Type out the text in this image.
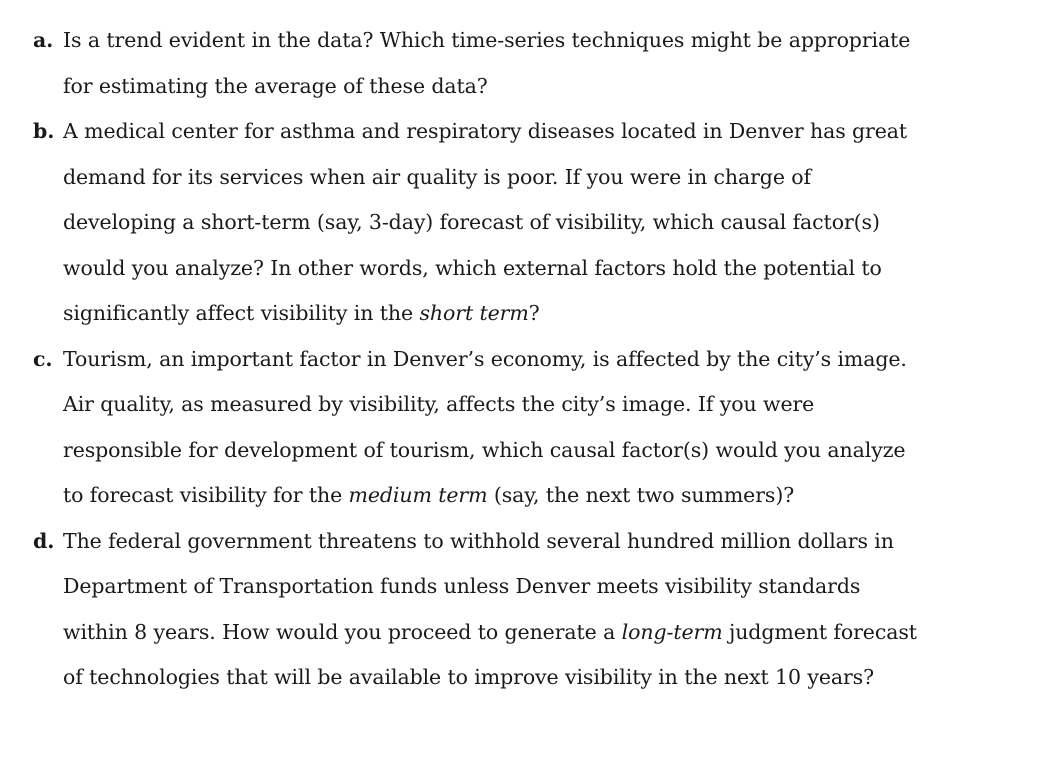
a. Is a trend evident in the data? Which time-series techniques might be appropriate
for estimating the average of these data?
b. A medical center for asthma and respiratory diseases located in Denver has great
demand for its services when air quality is poor. If you were in charge of
developing a short-term (say, 3-day) forecast of visibility, which causal factor(s)
would you analyze? In other words, which external factors hold the potential to
significantly affect visibility in the short term?
c. Tourism, an important factor in Denver’s economy, is affected by the city’s image.
Air quality, as measured by visibility, affects the city’s image. If you were
responsible for development of tourism, which causal factor(s) would you analyze
to forecast visibility for the medium term (say, the next two summers)?
d. The federal government threatens to withhold several hundred million dollars in
Department of Transportation funds unless Denver meets visibility standards
within 8 years. How would you proceed to generate a long-term judgment forecast
of technologies that will be available to improve visibility in the next 10 years?
